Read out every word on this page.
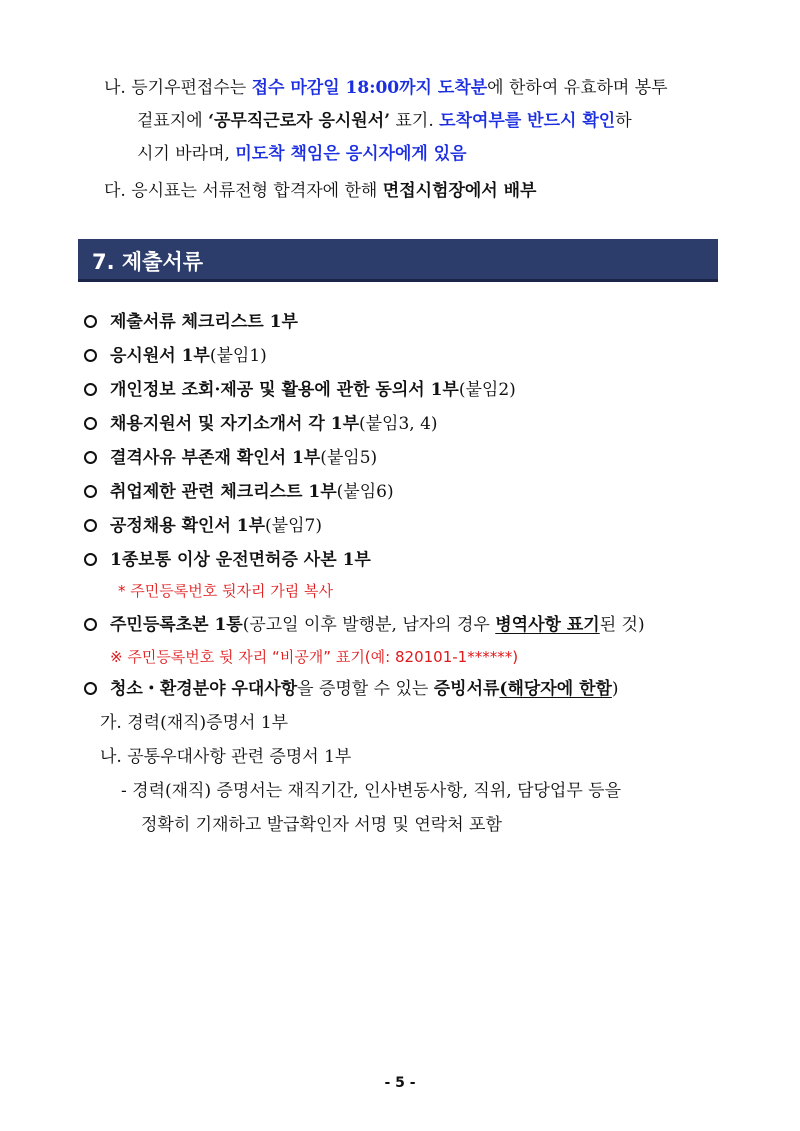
나. 등기우편접수는 접수 마감일 18:00까지 도착분에 한하여 유효하며 봉투
겉표지에 ‘공무직근로자 응시원서’ 표기. 도착여부를 반드시 확인하
시기 바라며, 미도착 책임은 응시자에게 있음
다. 응시표는 서류전형 합격자에 한해 면접시험장에서 배부
7. 제출서류
제출서류 체크리스트 1부
응시원서 1부(붙임1)
개인정보 조회·제공 및 활용에 관한 동의서 1부(붙임2)
채용지원서 및 자기소개서 각 1부(붙임3, 4)
결격사유 부존재 확인서 1부(붙임5)
취업제한 관련 체크리스트 1부(붙임6)
공정채용 확인서 1부(붙임7)
1종보통 이상 운전면허증 사본 1부
* 주민등록번호 뒷자리 가림 복사
주민등록초본 1통(공고일 이후 발행분, 남자의 경우 병역사항 표기된 것)
※ 주민등록번호 뒷 자리 “비공개” 표기(예: 820101-1******)
청소・환경분야 우대사항을 증명할 수 있는 증빙서류(해당자에 한함)
가. 경력(재직)증명서 1부
나. 공통우대사항 관련 증명서 1부
- 경력(재직) 증명서는 재직기간, 인사변동사항, 직위, 담당업무 등을
정확히 기재하고 발급확인자 서명 및 연락처 포함
- 5 -
